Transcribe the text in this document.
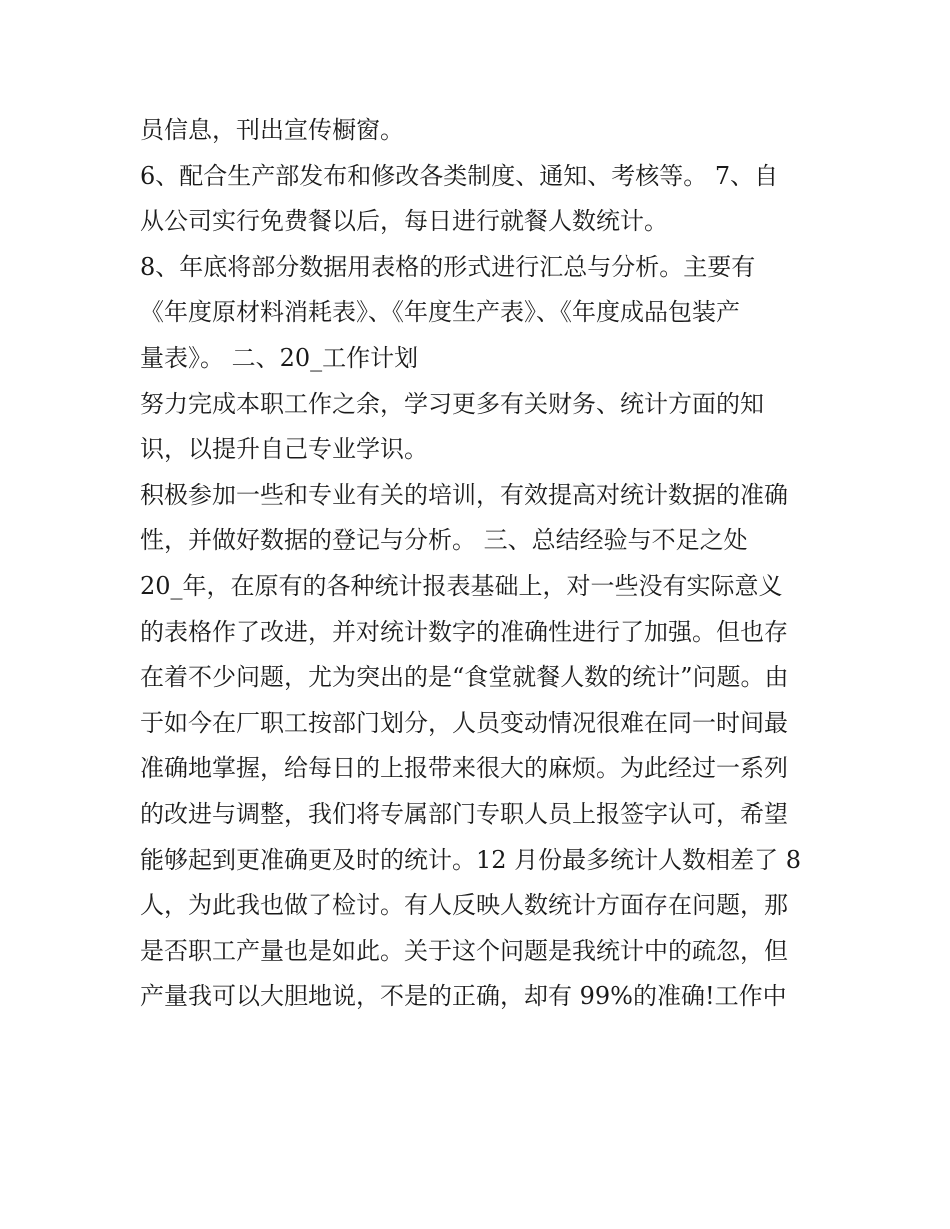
员信息，刊出宣传橱窗。
6、配合生产部发布和修改各类制度、通知、考核等。 7、自
从公司实行免费餐以后，每日进行就餐人数统计。
8、年底将部分数据用表格的形式进行汇总与分析。主要有
《年度原材料消耗表》、《年度生产表》、《年度成品包装产
量表》。 二、20_工作计划
努力完成本职工作之余，学习更多有关财务、统计方面的知
识，以提升自己专业学识。
积极参加一些和专业有关的培训，有效提高对统计数据的准确
性，并做好数据的登记与分析。 三、总结经验与不足之处
20_年，在原有的各种统计报表基础上，对一些没有实际意义
的表格作了改进，并对统计数字的准确性进行了加强。但也存
在着不少问题，尤为突出的是“食堂就餐人数的统计”问题。由
于如今在厂职工按部门划分，人员变动情况很难在同一时间最
准确地掌握，给每日的上报带来很大的麻烦。为此经过一系列
的改进与调整，我们将专属部门专职人员上报签字认可，希望
能够起到更准确更及时的统计。12 月份最多统计人数相差了 8
人，为此我也做了检讨。有人反映人数统计方面存在问题，那
是否职工产量也是如此。关于这个问题是我统计中的疏忽，但
产量我可以大胆地说，不是的正确，却有 99%的准确!工作中
